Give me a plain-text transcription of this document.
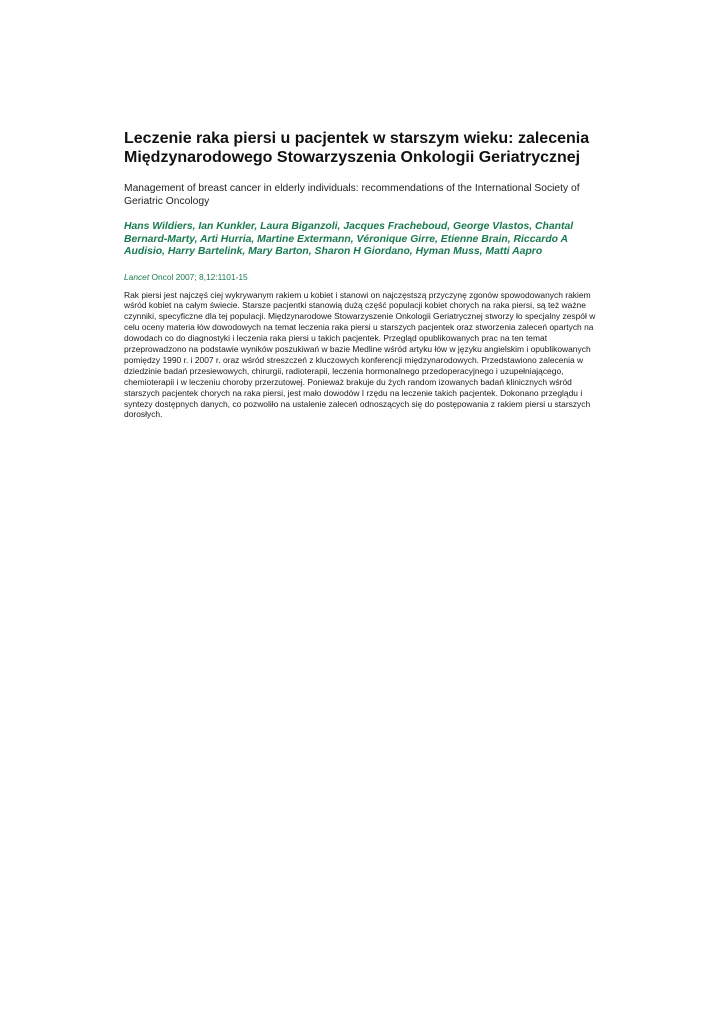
Leczenie raka piersi u pacjentek w starszym wieku: zalecenia
Międzynarodowego Stowarzyszenia Onkologii Geriatrycznej

Management of breast cancer in elderly individuals: recommendations of the International Society of Geriatric Oncology

Hans Wildiers, Ian Kunkler, Laura Biganzoli, Jacques Fracheboud, George Vlastos, Chantal Bernard-Marty, Arti Hurria, Martine Extermann, Véronique Girre, Etienne Brain, Riccardo A Audisio, Harry Bartelink, Mary Barton, Sharon H Giordano, Hyman Muss, Matti Aapro

Lancet Oncol 2007; 8,12:1101-15

Rak piersi jest najczęś ciej wykrywanym rakiem u kobiet i stanowi on najczęstszą przyczynę zgonów spowodowanych rakiem wśród kobiet na całym świecie. Starsze pacjentki stanowią dużą część populacji kobiet chorych na raka piersi, są też ważne czynniki, specyficzne dla tej populacji. Międzynarodowe Stowarzyszenie Onkologii Geriatrycznej stworzy ło specjalny zespół w celu oceny materia łów dowodowych na temat leczenia raka piersi u starszych pacjentek oraz stworzenia zaleceń opartych na dowodach co do diagnostyki i leczenia raka piersi u takich pacjentek. Przegląd opublikowanych prac na ten temat przeprowadzono na podstawie wyników poszukiwań w bazie Medline wśród artyku łów w języku angielskim i opublikowanych pomiędzy 1990 r. i 2007 r. oraz wśród streszczeń z kluczowych konferencji międzynarodowych. Przedstawiono zalecenia w dziedzinie badań przesiewowych, chirurgii, radioterapii, leczenia hormonalnego przedoperacyjnego i uzupełniającego, chemioterapii i w leczeniu choroby przerzutowej. Ponieważ brakuje du żych random izowanych badań klinicznych wśród starszych pacjentek chorych na raka piersi, jest mało dowodów I rzędu na leczenie takich pacjentek. Dokonano przeglądu i syntezy dostępnych danych, co pozwoliło na ustalenie zaleceń odnoszących się do postępowania z rakiem piersi u starszych dorosłych.
